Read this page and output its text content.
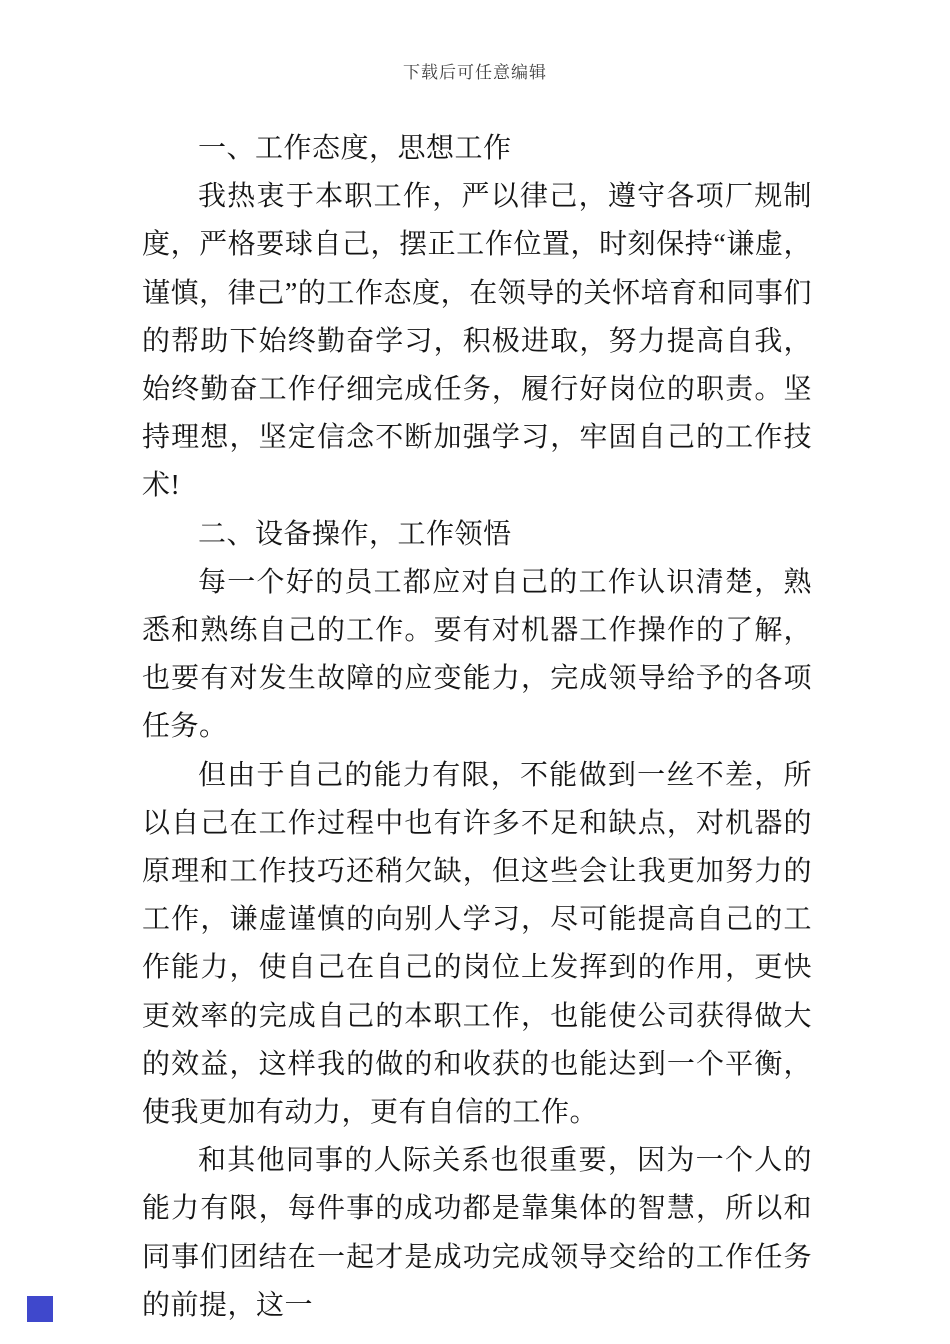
下载后可任意编辑

一、工作态度，思想工作

我热衷于本职工作，严以律己，遵守各项厂规制度，严格要球自己，摆正工作位置，时刻保持“谦虚，谨慎，律己”的工作态度，在领导的关怀培育和同事们的帮助下始终勤奋学习，积极进取，努力提高自我，始终勤奋工作仔细完成任务，履行好岗位的职责。坚持理想，坚定信念不断加强学习，牢固自己的工作技术!

二、设备操作，工作领悟

每一个好的员工都应对自己的工作认识清楚，熟悉和熟练自己的工作。要有对机器工作操作的了解，也要有对发生故障的应变能力，完成领导给予的各项任务。

但由于自己的能力有限，不能做到一丝不差，所以自己在工作过程中也有许多不足和缺点，对机器的原理和工作技巧还稍欠缺，但这些会让我更加努力的工作，谦虚谨慎的向别人学习，尽可能提高自己的工作能力，使自己在自己的岗位上发挥到的作用，更快更效率的完成自己的本职工作，也能使公司获得做大的效益，这样我的做的和收获的也能达到一个平衡，使我更加有动力，更有自信的工作。

和其他同事的人际关系也很重要，因为一个人的能力有限，每件事的成功都是靠集体的智慧，所以和同事们团结在一起才是成功完成领导交给的工作任务的前提，这一
